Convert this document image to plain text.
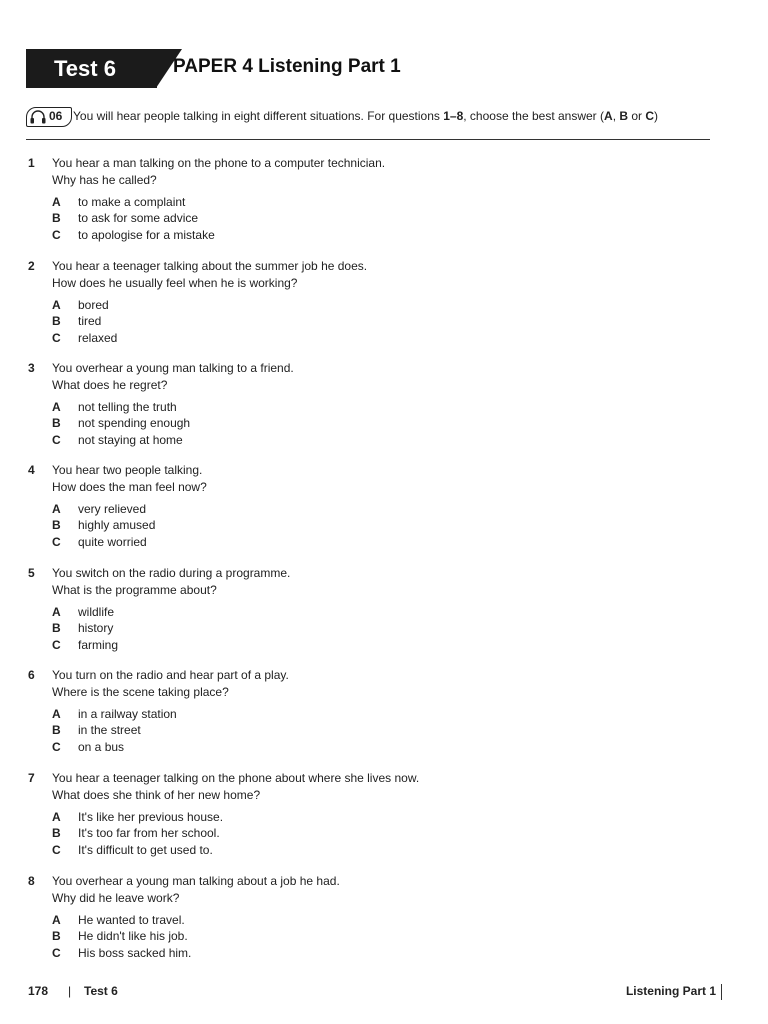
Test 6	PAPER 4 Listening Part 1
06 You will hear people talking in eight different situations. For questions 1–8, choose the best answer (A, B or C)
1 You hear a man talking on the phone to a computer technician.
Why has he called?
A to make a complaint
B to ask for some advice
C to apologise for a mistake
2 You hear a teenager talking about the summer job he does.
How does he usually feel when he is working?
A bored
B tired
C relaxed
3 You overhear a young man talking to a friend.
What does he regret?
A not telling the truth
B not spending enough
C not staying at home
4 You hear two people talking.
How does the man feel now?
A very relieved
B highly amused
C quite worried
5 You switch on the radio during a programme.
What is the programme about?
A wildlife
B history
C farming
6 You turn on the radio and hear part of a play.
Where is the scene taking place?
A in a railway station
B in the street
C on a bus
7 You hear a teenager talking on the phone about where she lives now.
What does she think of her new home?
A It's like her previous house.
B It's too far from her school.
C It's difficult to get used to.
8 You overhear a young man talking about a job he had.
Why did he leave work?
A He wanted to travel.
B He didn't like his job.
C His boss sacked him.
178 | Test 6	Listening Part 1
